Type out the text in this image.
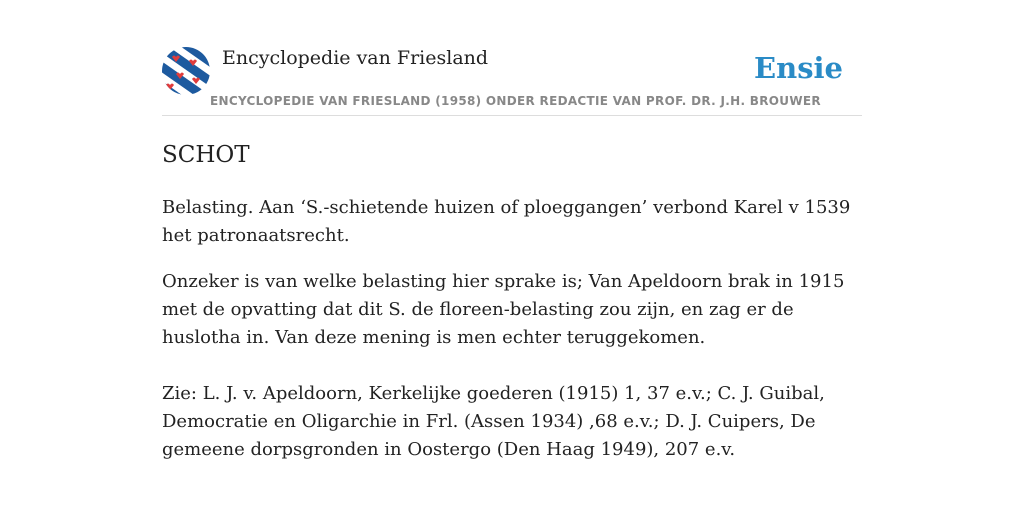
Encyclopedie van Friesland
ENCYCLOPEDIE VAN FRIESLAND (1958) ONDER REDACTIE VAN PROF. DR. J.H. BROUWER
Ensie
SCHOT

Belasting. Aan ‘S.-schietende huizen of ploeggangen’ verbond Karel v 1539 het patronaatsrecht.

Onzeker is van welke belasting hier sprake is; Van Apeldoorn brak in 1915 met de opvatting dat dit S. de floreen-belasting zou zijn, en zag er de huslotha in. Van deze mening is men echter teruggekomen.

Zie: L. J. v. Apeldoorn, Kerkelijke goederen (1915) 1, 37 e.v.; C. J. Guibal, Democratie en Oligarchie in Frl. (Assen 1934) ,68 e.v.; D. J. Cuipers, De gemeene dorpsgronden in Oostergo (Den Haag 1949), 207 e.v.
